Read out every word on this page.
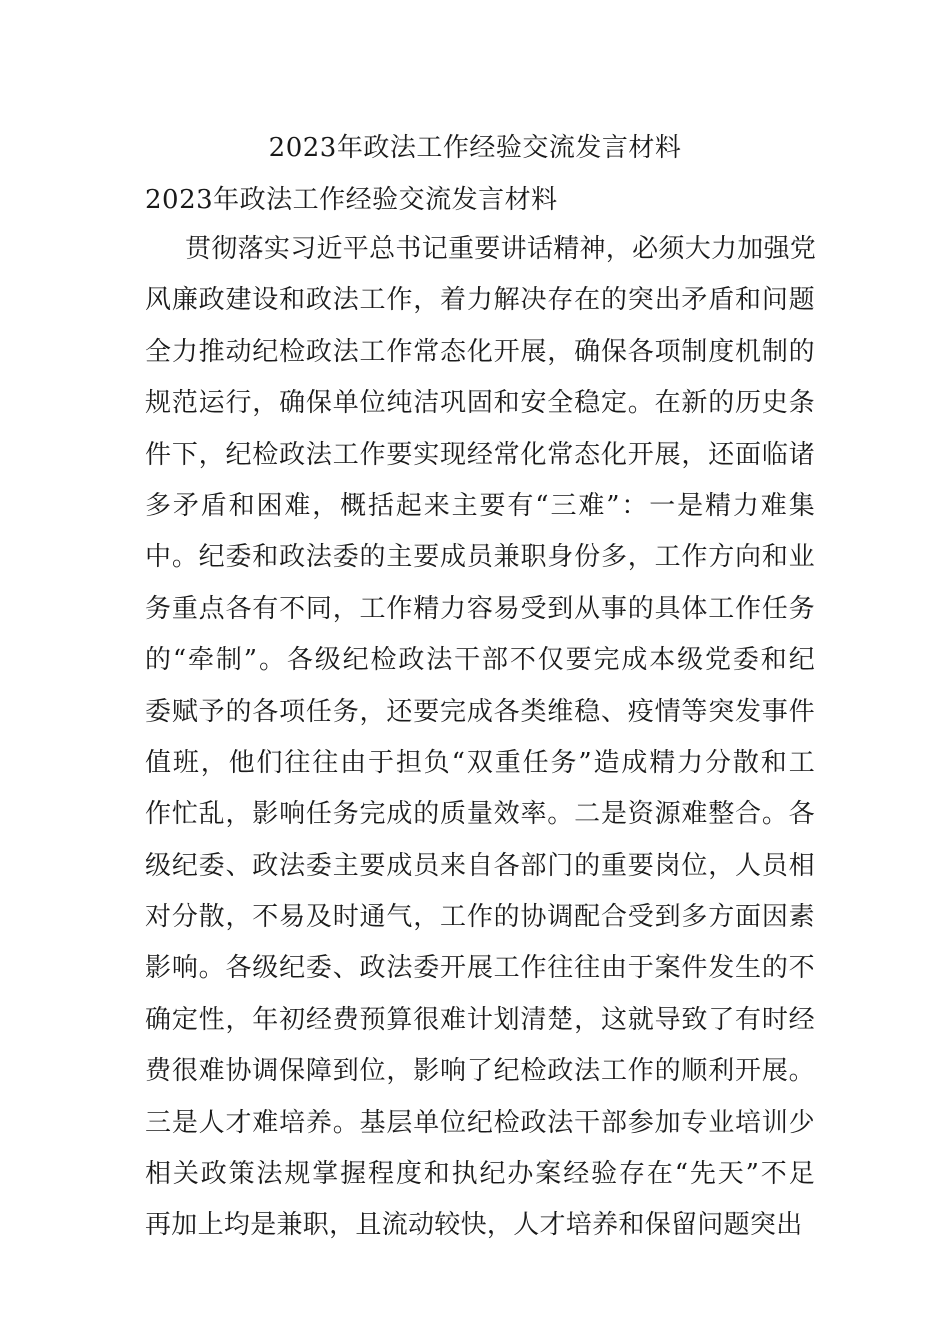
2023年政法工作经验交流发言材料
2023年政法工作经验交流发言材料
贯彻落实习近平总书记重要讲话精神，必须大力加强党
风廉政建设和政法工作，着力解决存在的突出矛盾和问题
全力推动纪检政法工作常态化开展，确保各项制度机制的
规范运行，确保单位纯洁巩固和安全稳定。在新的历史条
件下，纪检政法工作要实现经常化常态化开展，还面临诸
多矛盾和困难，概括起来主要有“三难”：一是精力难集
中。纪委和政法委的主要成员兼职身份多，工作方向和业
务重点各有不同，工作精力容易受到从事的具体工作任务
的“牵制”。各级纪检政法干部不仅要完成本级党委和纪
委赋予的各项任务，还要完成各类维稳、疫情等突发事件
值班，他们往往由于担负“双重任务”造成精力分散和工
作忙乱，影响任务完成的质量效率。二是资源难整合。各
级纪委、政法委主要成员来自各部门的重要岗位，人员相
对分散，不易及时通气，工作的协调配合受到多方面因素
影响。各级纪委、政法委开展工作往往由于案件发生的不
确定性，年初经费预算很难计划清楚，这就导致了有时经
费很难协调保障到位，影响了纪检政法工作的顺利开展。
三是人才难培养。基层单位纪检政法干部参加专业培训少
相关政策法规掌握程度和执纪办案经验存在“先天”不足
再加上均是兼职，且流动较快，人才培养和保留问题突出
